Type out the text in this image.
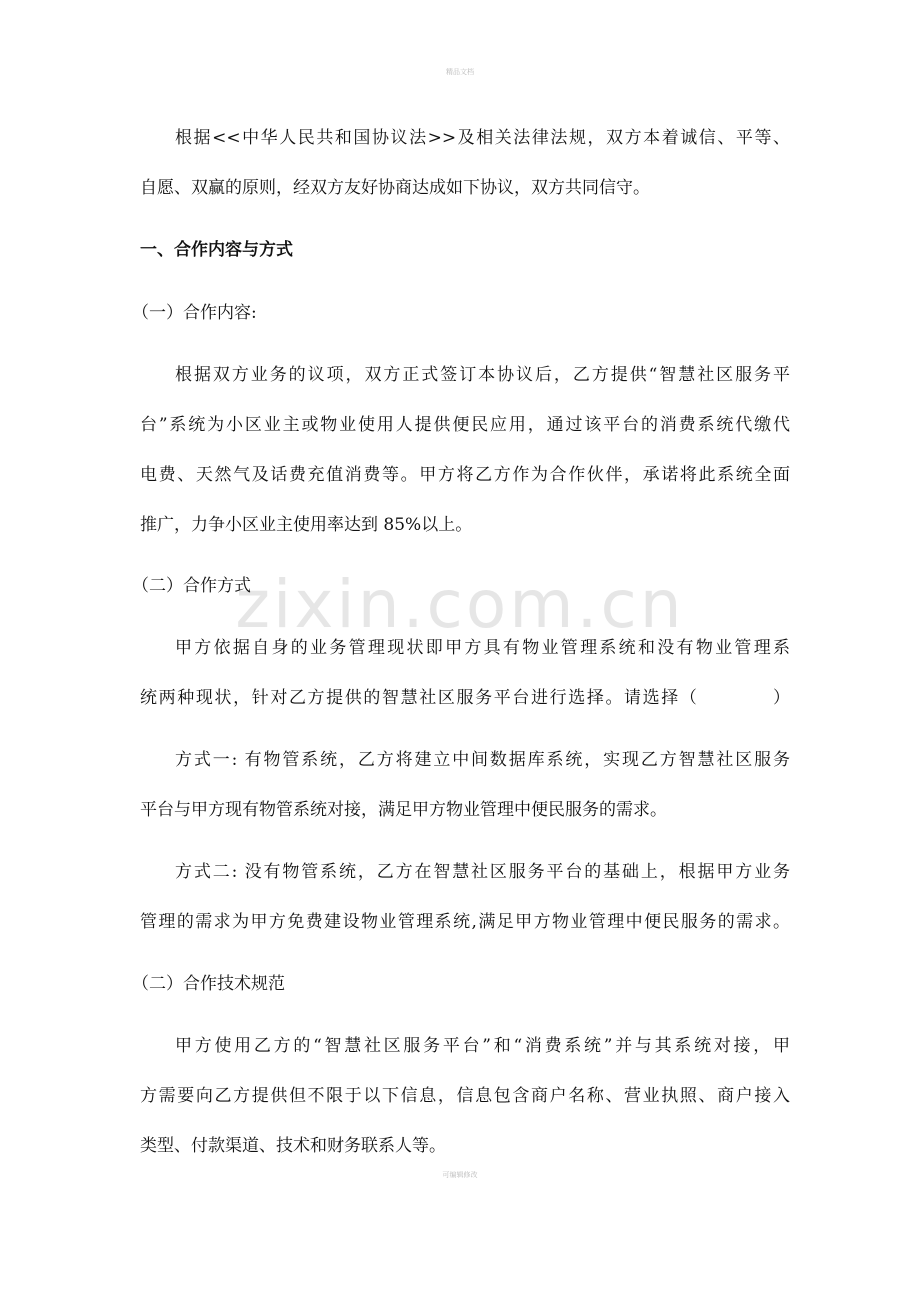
精品文档
zixin.com.cn
根据<<中华人民共和国协议法>>及相关法律法规，双方本着诚信、平等、
自愿、双赢的原则，经双方友好协商达成如下协议，双方共同信守。
一、合作内容与方式
（一）合作内容:
根据双方业务的议项，双方正式签订本协议后，乙方提供“智慧社区服务平
台”系统为小区业主或物业使用人提供便民应用，通过该平台的消费系统代缴代
电费、天然气及话费充值消费等。甲方将乙方作为合作伙伴，承诺将此系统全面
推广，力争小区业主使用率达到 85%以上。
（二）合作方式
甲方依据自身的业务管理现状即甲方具有物业管理系统和没有物业管理系
统两种现状，针对乙方提供的智慧社区服务平台进行选择。请选择（　　　　）
方式一: 有物管系统，乙方将建立中间数据库系统，实现乙方智慧社区服务
平台与甲方现有物管系统对接，满足甲方物业管理中便民服务的需求。
方式二: 没有物管系统，乙方在智慧社区服务平台的基础上，根据甲方业务
管理的需求为甲方免费建设物业管理系统,满足甲方物业管理中便民服务的需求。
（二）合作技术规范
甲方使用乙方的“智慧社区服务平台”和“消费系统”并与其系统对接，甲
方需要向乙方提供但不限于以下信息，信息包含商户名称、营业执照、商户接入
类型、付款渠道、技术和财务联系人等。
可编辑修改
